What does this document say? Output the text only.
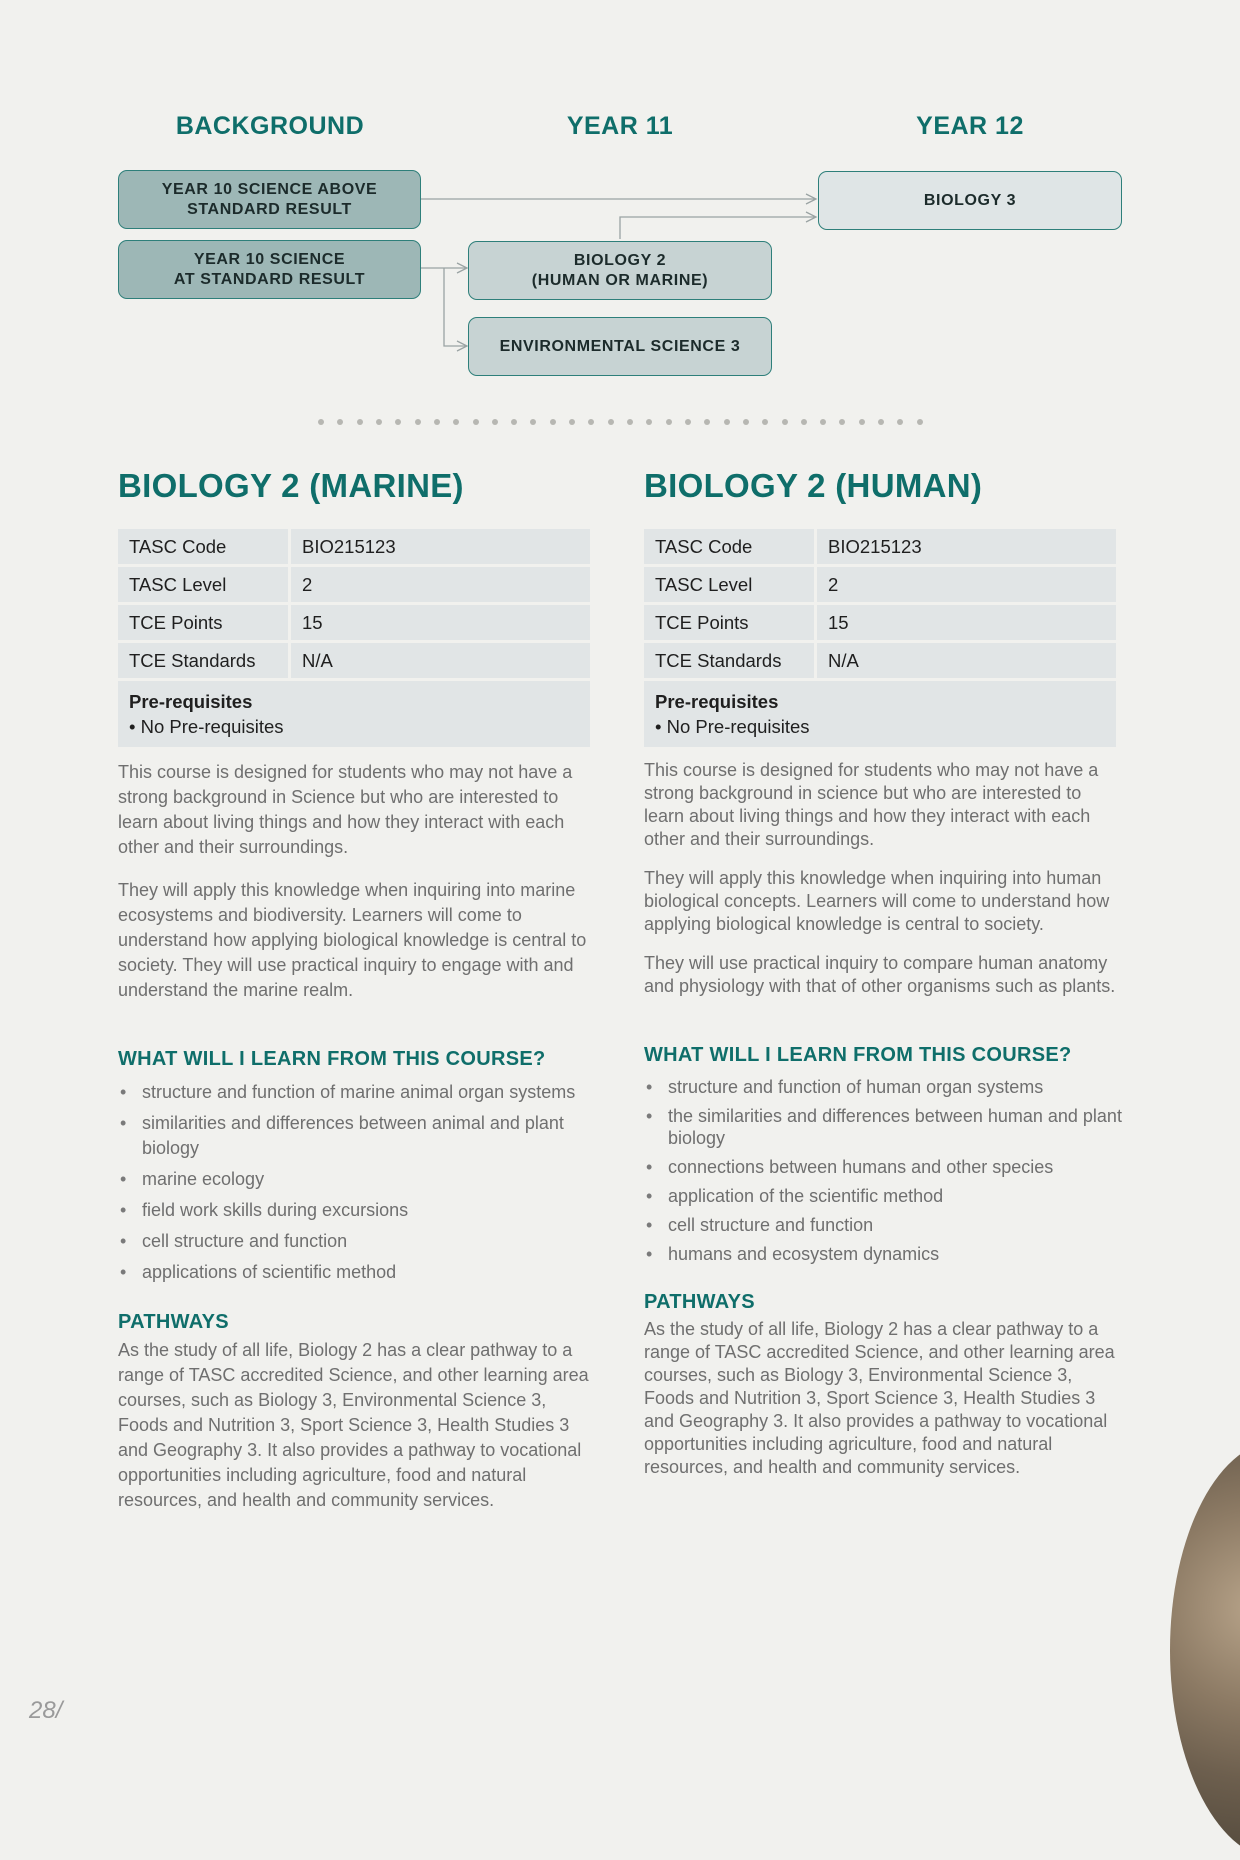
BACKGROUND	YEAR 11	YEAR 12
YEAR 10 SCIENCE ABOVE
STANDARD RESULT
YEAR 10 SCIENCE
AT STANDARD RESULT
BIOLOGY 2
(HUMAN OR MARINE)
ENVIRONMENTAL SCIENCE 3
BIOLOGY 3
BIOLOGY 2 (MARINE)
TASC Code	BIO215123
TASC Level	2
TCE Points	15
TCE Standards	N/A

Pre-requisites
• No Pre-requisites	

This course is designed for students who may not have a strong background in Science but who are interested to learn about living things and how they interact with each other and their surroundings.

They will apply this knowledge when inquiring into marine ecosystems and biodiversity. Learners will come to understand how applying biological knowledge is central to society. They will use practical inquiry to engage with and understand the marine realm.

WHAT WILL I LEARN FROM THIS COURSE?
• structure and function of marine animal organ systems
• similarities and differences between animal and plant biology
• marine ecology
• field work skills during excursions
• cell structure and function
• applications of scientific method
PATHWAYS

As the study of all life, Biology 2 has a clear pathway to a range of TASC accredited Science, and other learning area courses, such as Biology 3, Environmental Science 3, Foods and Nutrition 3, Sport Science 3, Health Studies 3 and Geography 3. It also provides a pathway to vocational opportunities including agriculture, food and natural resources, and health and community services.

BIOLOGY 2 (HUMAN)
TASC Code	BIO215123
TASC Level	2
TCE Points	15
TCE Standards	N/A

Pre-requisites
• No Pre-requisites	

This course is designed for students who may not have a strong background in science but who are interested to learn about living things and how they interact with each other and their surroundings.

They will apply this knowledge when inquiring into human biological concepts. Learners will come to understand how applying biological knowledge is central to society.

They will use practical inquiry to compare human anatomy and physiology with that of other organisms such as plants.

WHAT WILL I LEARN FROM THIS COURSE?
• structure and function of human organ systems
• the similarities and differences between human and plant biology
• connections between humans and other species
• application of the scientific method
• cell structure and function
• humans and ecosystem dynamics
PATHWAYS

As the study of all life, Biology 2 has a clear pathway to a range of TASC accredited Science, and other learning area courses, such as Biology 3, Environmental Science 3, Foods and Nutrition 3, Sport Science 3, Health Studies 3 and Geography 3. It also provides a pathway to vocational opportunities including agriculture, food and natural resources, and health and community services.

28/
